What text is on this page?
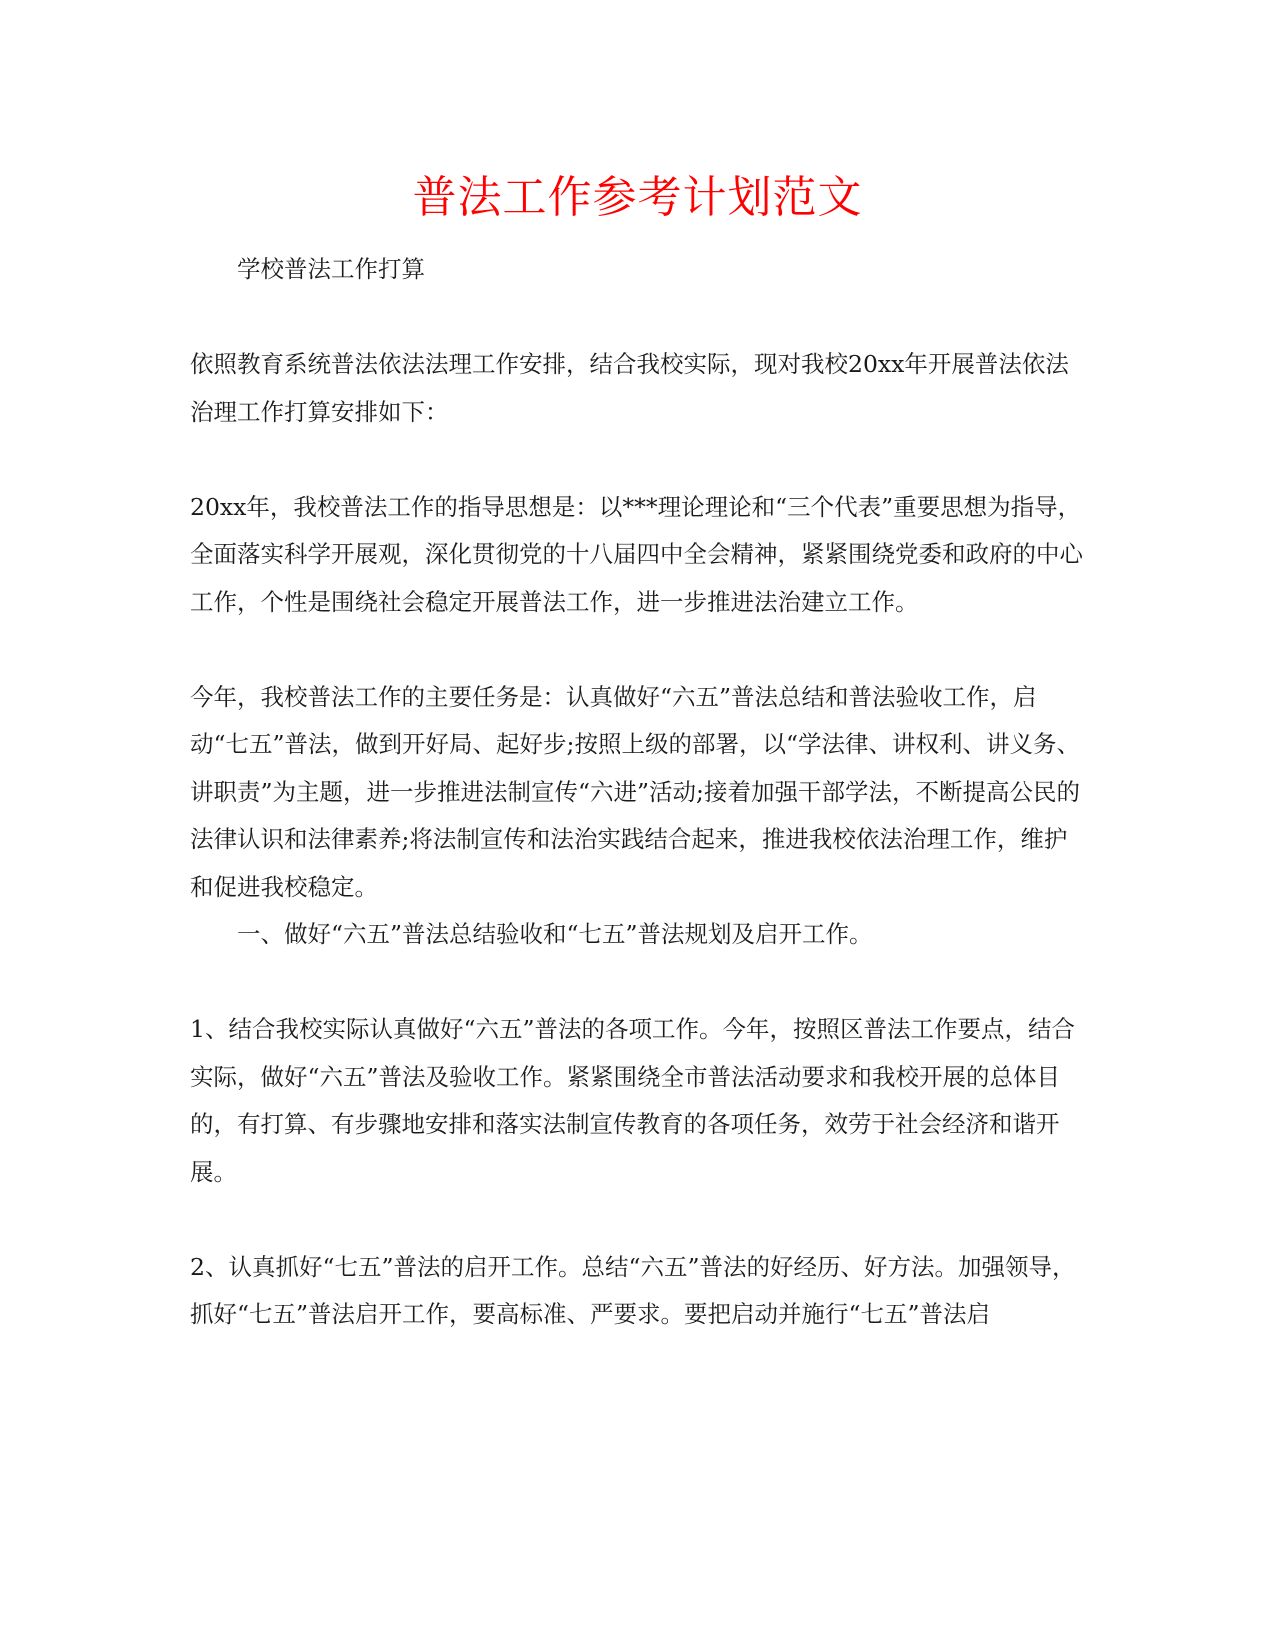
普法工作参考计划范文

学校普法工作打算

依照教育系统普法依法法理工作安排，结合我校实际，现对我校20xx年开展普法依法治理工作打算安排如下：

20xx年，我校普法工作的指导思想是：以***理论理论和“三个代表”重要思想为指导，全面落实科学开展观，深化贯彻党的十八届四中全会精神，紧紧围绕党委和政府的中心工作，个性是围绕社会稳定开展普法工作，进一步推进法治建立工作。

今年，我校普法工作的主要任务是：认真做好“六五”普法总结和普法验收工作，启动“七五”普法，做到开好局、起好步;按照上级的部署，以“学法律、讲权利、讲义务、讲职责”为主题，进一步推进法制宣传“六进”活动;接着加强干部学法，不断提高公民的法律认识和法律素养;将法制宣传和法治实践结合起来，推进我校依法治理工作，维护和促进我校稳定。

一、做好“六五”普法总结验收和“七五”普法规划及启开工作。

1、结合我校实际认真做好“六五”普法的各项工作。今年，按照区普法工作要点，结合实际，做好“六五”普法及验收工作。紧紧围绕全市普法活动要求和我校开展的总体目的，有打算、有步骤地安排和落实法制宣传教育的各项任务，效劳于社会经济和谐开展。

2、认真抓好“七五”普法的启开工作。总结“六五”普法的好经历、好方法。加强领导，抓好“七五”普法启开工作，要高标准、严要求。要把启动并施行“七五”普法启
